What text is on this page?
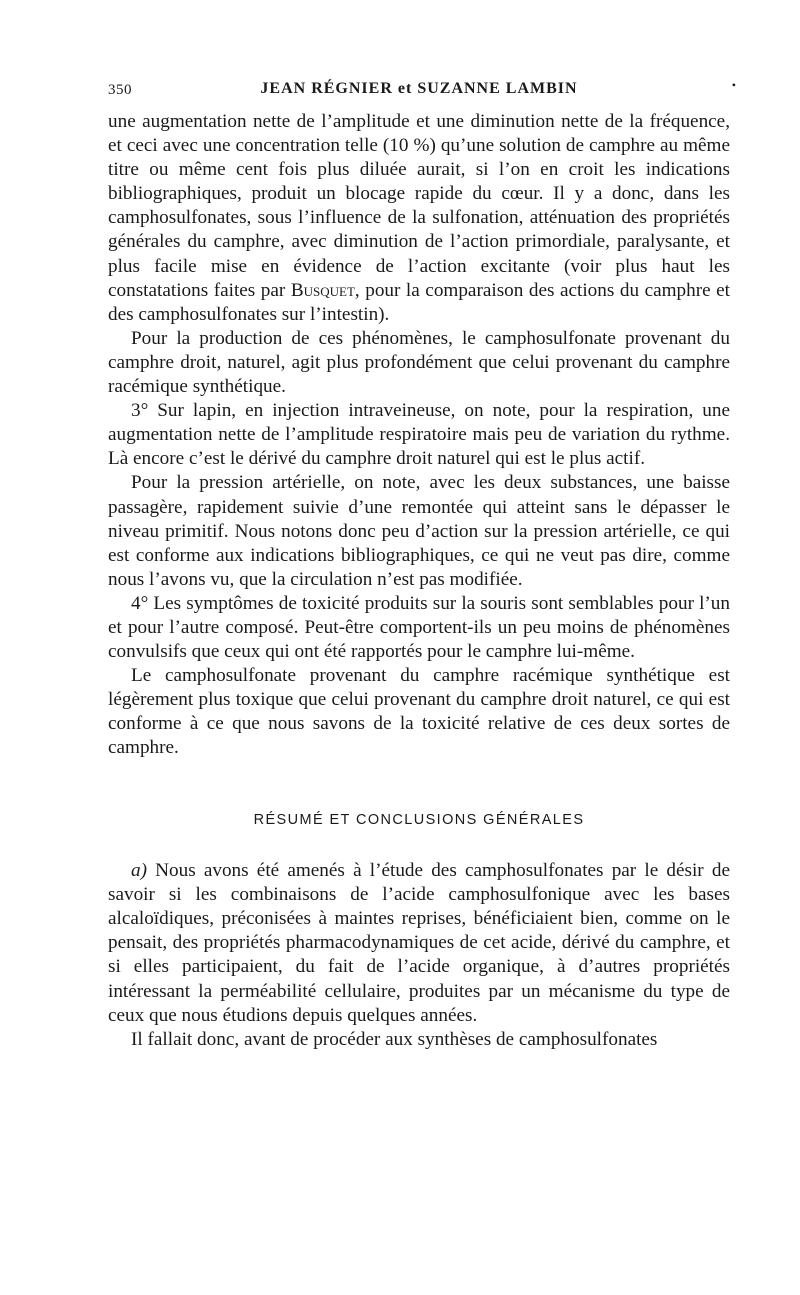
350	JEAN RÉGNIER et SUZANNE LAMBIN	•

une augmentation nette de l’amplitude et une diminution nette de la fréquence, et ceci avec une concentration telle (10 %) qu’une solution de camphre au même titre ou même cent fois plus diluée aurait, si l’on en croit les indications bibliographiques, produit un blocage rapide du cœur. Il y a donc, dans les camphosulfonates, sous l’influence de la sulfonation, atténuation des propriétés générales du camphre, avec diminution de l’action primordiale, paralysante, et plus facile mise en évidence de l’action excitante (voir plus haut les constatations faites par Busquet, pour la comparaison des actions du camphre et des camphosulfonates sur l’intestin).

Pour la production de ces phénomènes, le camphosulfonate provenant du camphre droit, naturel, agit plus profondément que celui provenant du camphre racémique synthétique.

3° Sur lapin, en injection intraveineuse, on note, pour la respiration, une augmentation nette de l’amplitude respiratoire mais peu de variation du rythme. Là encore c’est le dérivé du camphre droit naturel qui est le plus actif.

Pour la pression artérielle, on note, avec les deux substances, une baisse passagère, rapidement suivie d’une remontée qui atteint sans le dépasser le niveau primitif. Nous notons donc peu d’action sur la pression artérielle, ce qui est conforme aux indications bibliographiques, ce qui ne veut pas dire, comme nous l’avons vu, que la circulation n’est pas modifiée.

4° Les symptômes de toxicité produits sur la souris sont semblables pour l’un et pour l’autre composé. Peut-être comportent-ils un peu moins de phénomènes convulsifs que ceux qui ont été rapportés pour le camphre lui-même.

Le camphosulfonate provenant du camphre racémique synthétique est légèrement plus toxique que celui provenant du camphre droit naturel, ce qui est conforme à ce que nous savons de la toxicité relative de ces deux sortes de camphre.

RÉSUMÉ ET CONCLUSIONS GÉNÉRALES

a) Nous avons été amenés à l’étude des camphosulfonates par le désir de savoir si les combinaisons de l’acide camphosulfonique avec les bases alcaloïdiques, préconisées à maintes reprises, bénéficiaient bien, comme on le pensait, des propriétés pharmacodynamiques de cet acide, dérivé du camphre, et si elles participaient, du fait de l’acide organique, à d’autres propriétés intéressant la perméabilité cellulaire, produites par un mécanisme du type de ceux que nous étudions depuis quelques années.

Il fallait donc, avant de procéder aux synthèses de camphosulfonates
